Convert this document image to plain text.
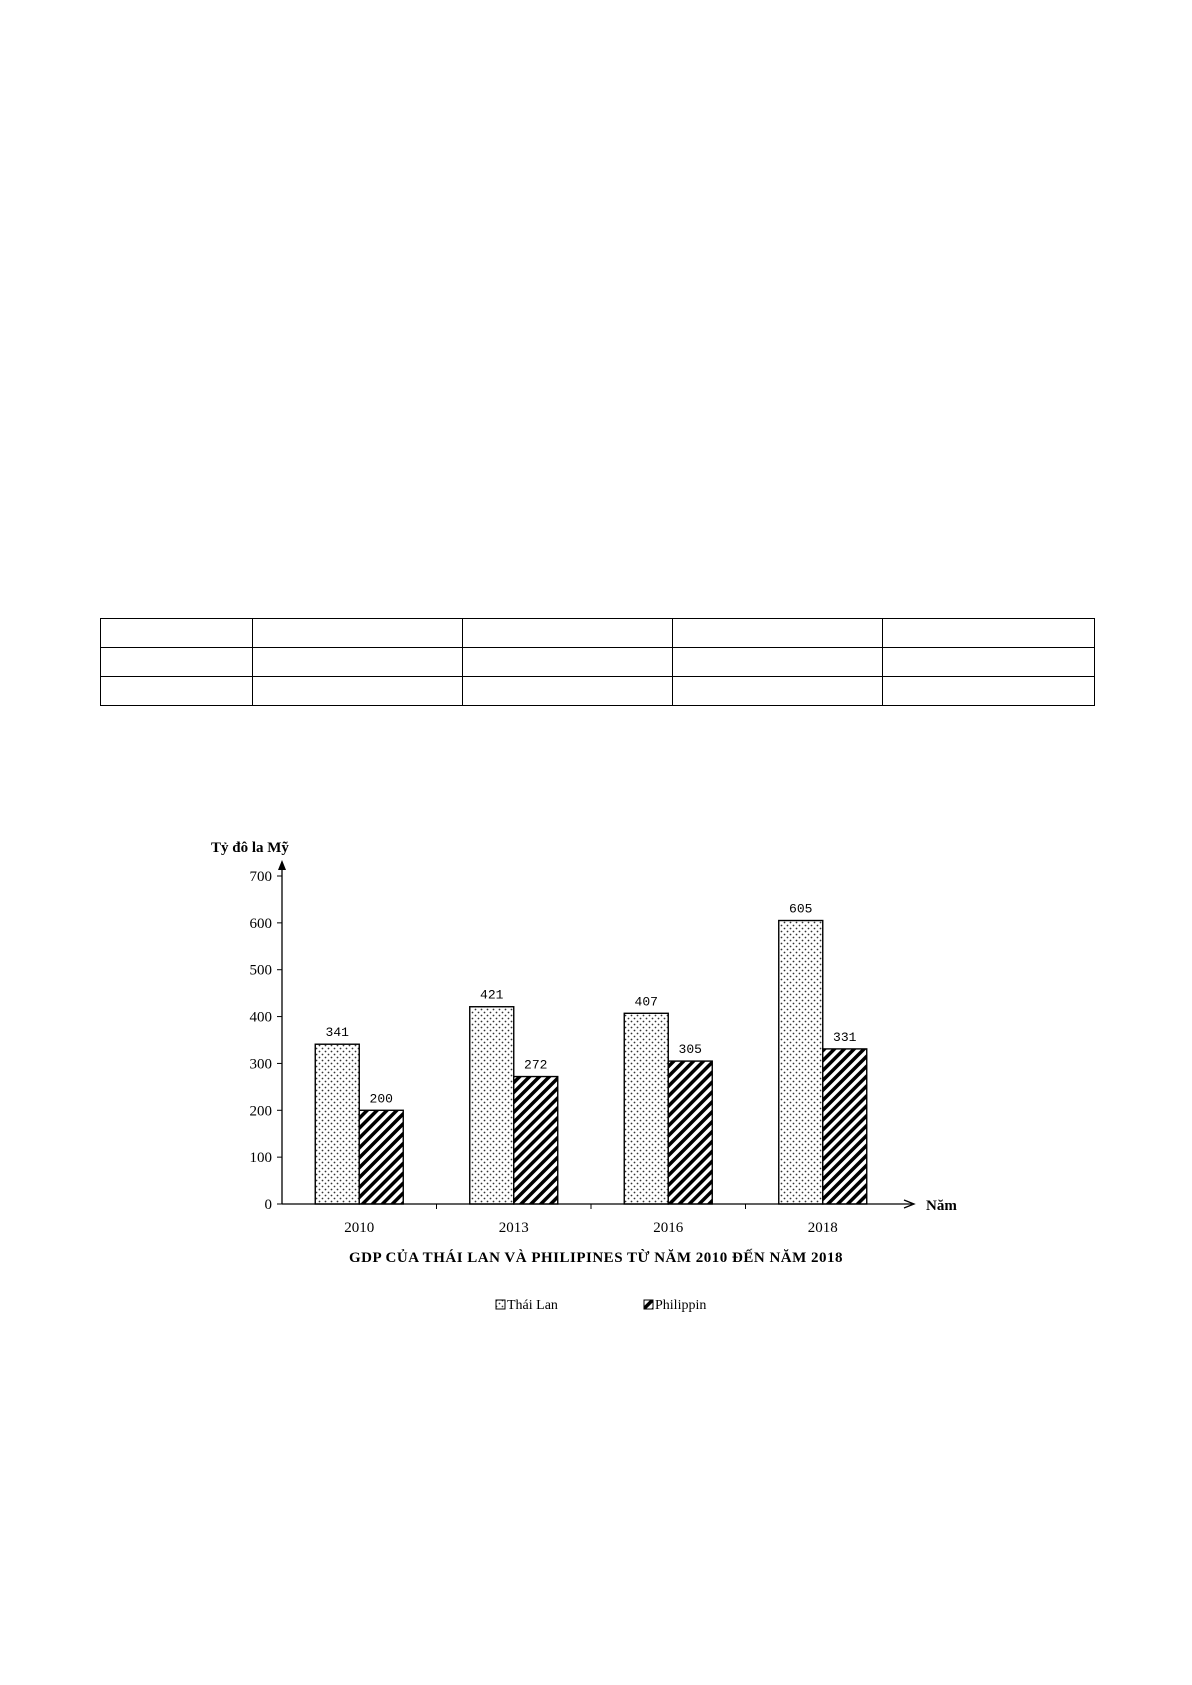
Tỷ đô la Mỹ
0
100
200
300
400
500
600
700
341
200
421
272
407
305
605
331
2010	2013	2016	2018
Năm
GDP CỦA THÁI LAN VÀ PHILIPINES TỪ NĂM 2010 ĐẾN NĂM 2018
Thái Lan	Philippin
